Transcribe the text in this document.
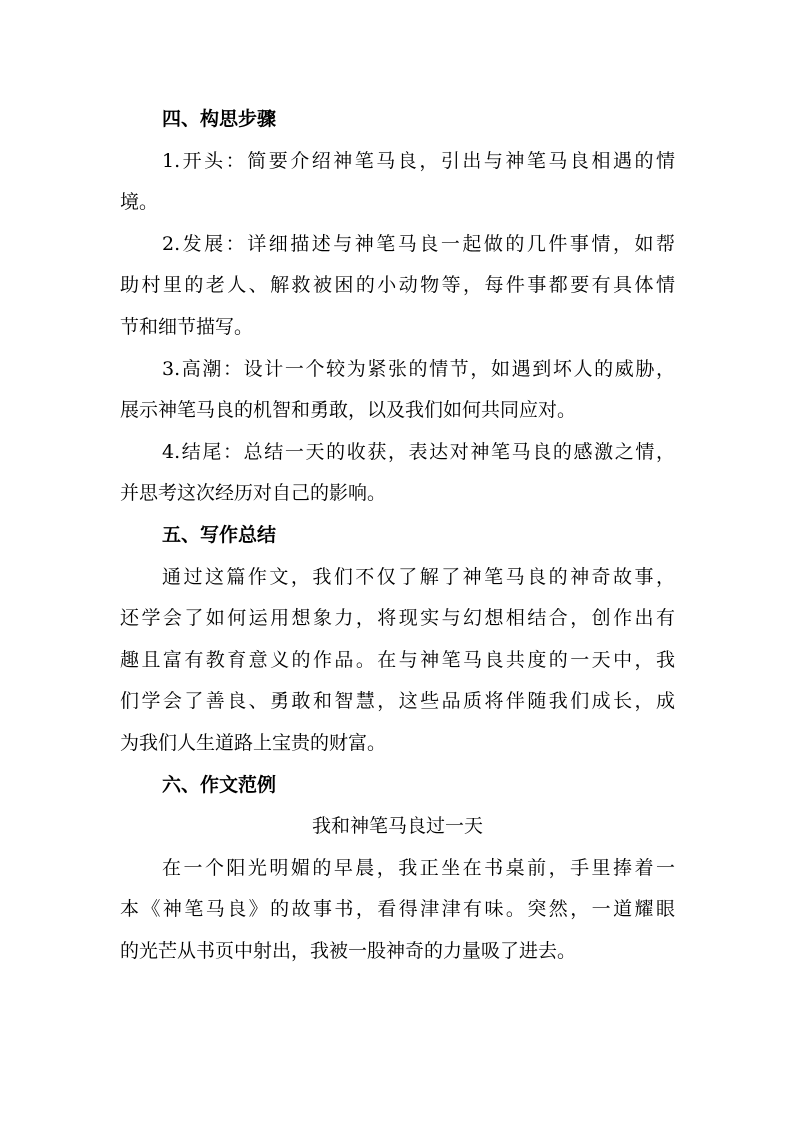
四、构思步骤
1.开头：简要介绍神笔马良，引出与神笔马良相遇的情
境。
2.发展：详细描述与神笔马良一起做的几件事情，如帮
助村里的老人、解救被困的小动物等，每件事都要有具体情
节和细节描写。
3.高潮：设计一个较为紧张的情节，如遇到坏人的威胁，
展示神笔马良的机智和勇敢，以及我们如何共同应对。
4.结尾：总结一天的收获，表达对神笔马良的感激之情，
并思考这次经历对自己的影响。
五、写作总结
通过这篇作文，我们不仅了解了神笔马良的神奇故事，
还学会了如何运用想象力，将现实与幻想相结合，创作出有
趣且富有教育意义的作品。在与神笔马良共度的一天中，我
们学会了善良、勇敢和智慧，这些品质将伴随我们成长，成
为我们人生道路上宝贵的财富。
六、作文范例
我和神笔马良过一天
在一个阳光明媚的早晨，我正坐在书桌前，手里捧着一
本《神笔马良》的故事书，看得津津有味。突然，一道耀眼
的光芒从书页中射出，我被一股神奇的力量吸了进去。
